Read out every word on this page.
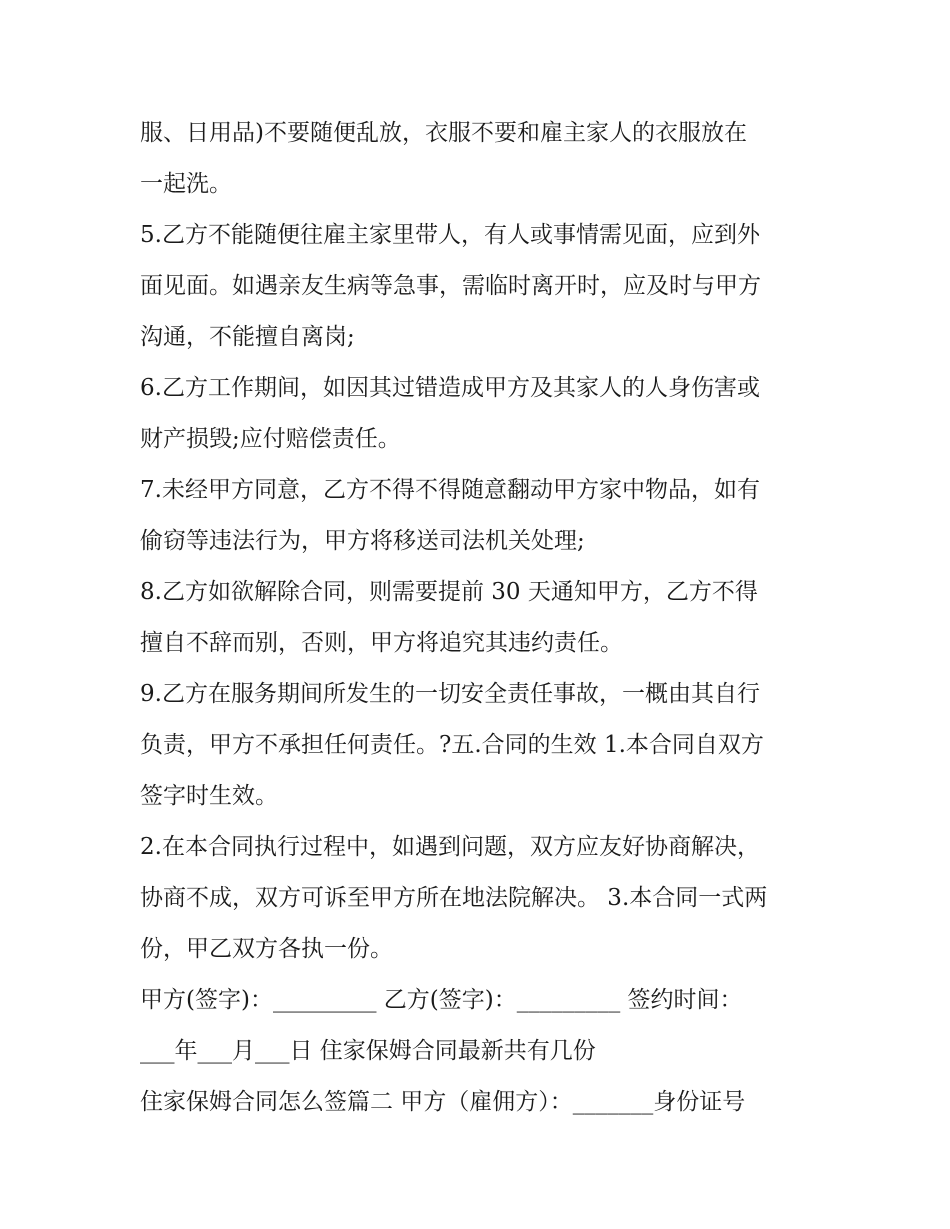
服、日用品)不要随便乱放，衣服不要和雇主家人的衣服放在
一起洗。

5.乙方不能随便往雇主家里带人，有人或事情需见面，应到外
面见面。如遇亲友生病等急事，需临时离开时，应及时与甲方
沟通，不能擅自离岗;

6.乙方工作期间，如因其过错造成甲方及其家人的人身伤害或
财产损毁;应付赔偿责任。

7.未经甲方同意，乙方不得不得随意翻动甲方家中物品，如有
偷窃等违法行为，甲方将移送司法机关处理;

8.乙方如欲解除合同，则需要提前 30 天通知甲方，乙方不得
擅自不辞而别，否则，甲方将追究其违约责任。

9.乙方在服务期间所发生的一切安全责任事故，一概由其自行
负责，甲方不承担任何责任。?五.合同的生效 1.本合同自双方
签字时生效。

2.在本合同执行过程中，如遇到问题，双方应友好协商解决，
协商不成，双方可诉至甲方所在地法院解决。 3.本合同一式两
份，甲乙双方各执一份。

甲方(签字)：_________ 乙方(签字)：_________ 签约时间：
___年___月___日 住家保姆合同最新共有几份

住家保姆合同怎么签篇二 甲方（雇佣方）：_______身份证号
